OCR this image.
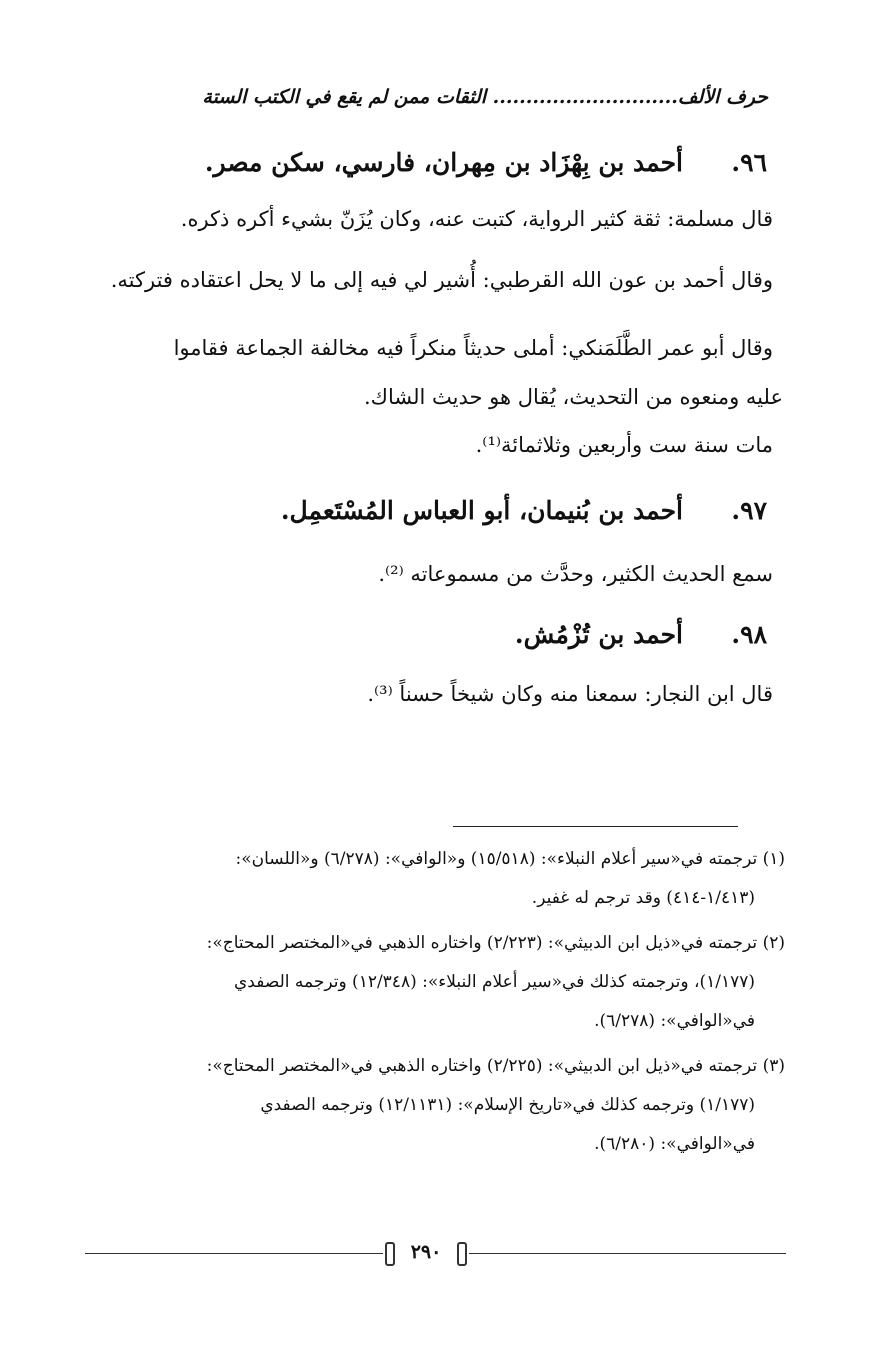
حرف الألف............................ الثقات ممن لم يقع في الكتب الستة
٩٦.أحمد بن بِهْزَاد بن مِهران، فارسي، سكن مصر.
قال مسلمة: ثقة كثير الرواية، كتبت عنه، وكان يُزَنّ بشيء أكره ذكره.
وقال أحمد بن عون الله القرطبي: أُشير لي فيه إلى ما لا يحل اعتقاده فتركته.
وقال أبو عمر الطَّلَمَنكي: أملى حديثاً منكراً فيه مخالفة الجماعة فقاموا
عليه ومنعوه من التحديث، يُقال هو حديث الشاك.
مات سنة ست وأربعين وثلاثمائة⁽¹⁾.
٩٧.أحمد بن بُنيمان، أبو العباس المُسْتَعمِل.
سمع الحديث الكثير، وحدَّث من مسموعاته ⁽²⁾.
٩٨.أحمد بن تُزْمُش.
قال ابن النجار: سمعنا منه وكان شيخاً حسناً ⁽³⁾.
(١) ترجمته في«سير أعلام النبلاء»: (١٥/٥١٨) و«الوافي»: (٦/٢٧٨) و«اللسان»:
(١/٤١٣-٤١٤) وقد ترجم له غفير.
(٢) ترجمته في«ذيل ابن الدبيثي»: (٢/٢٢٣) واختاره الذهبي في«المختصر المحتاج»:
(١/١٧٧)، وترجمته كذلك في«سير أعلام النبلاء»: (١٢/٣٤٨) وترجمه الصفدي
في«الوافي»: (٦/٢٧٨).
(٣) ترجمته في«ذيل ابن الدبيثي»: (٢/٢٢٥) واختاره الذهبي في«المختصر المحتاج»:
(١/١٧٧) وترجمه كذلك في«تاريخ الإسلام»: (١٢/١١٣١) وترجمه الصفدي
في«الوافي»: (٦/٢٨٠).
٢٩٠
